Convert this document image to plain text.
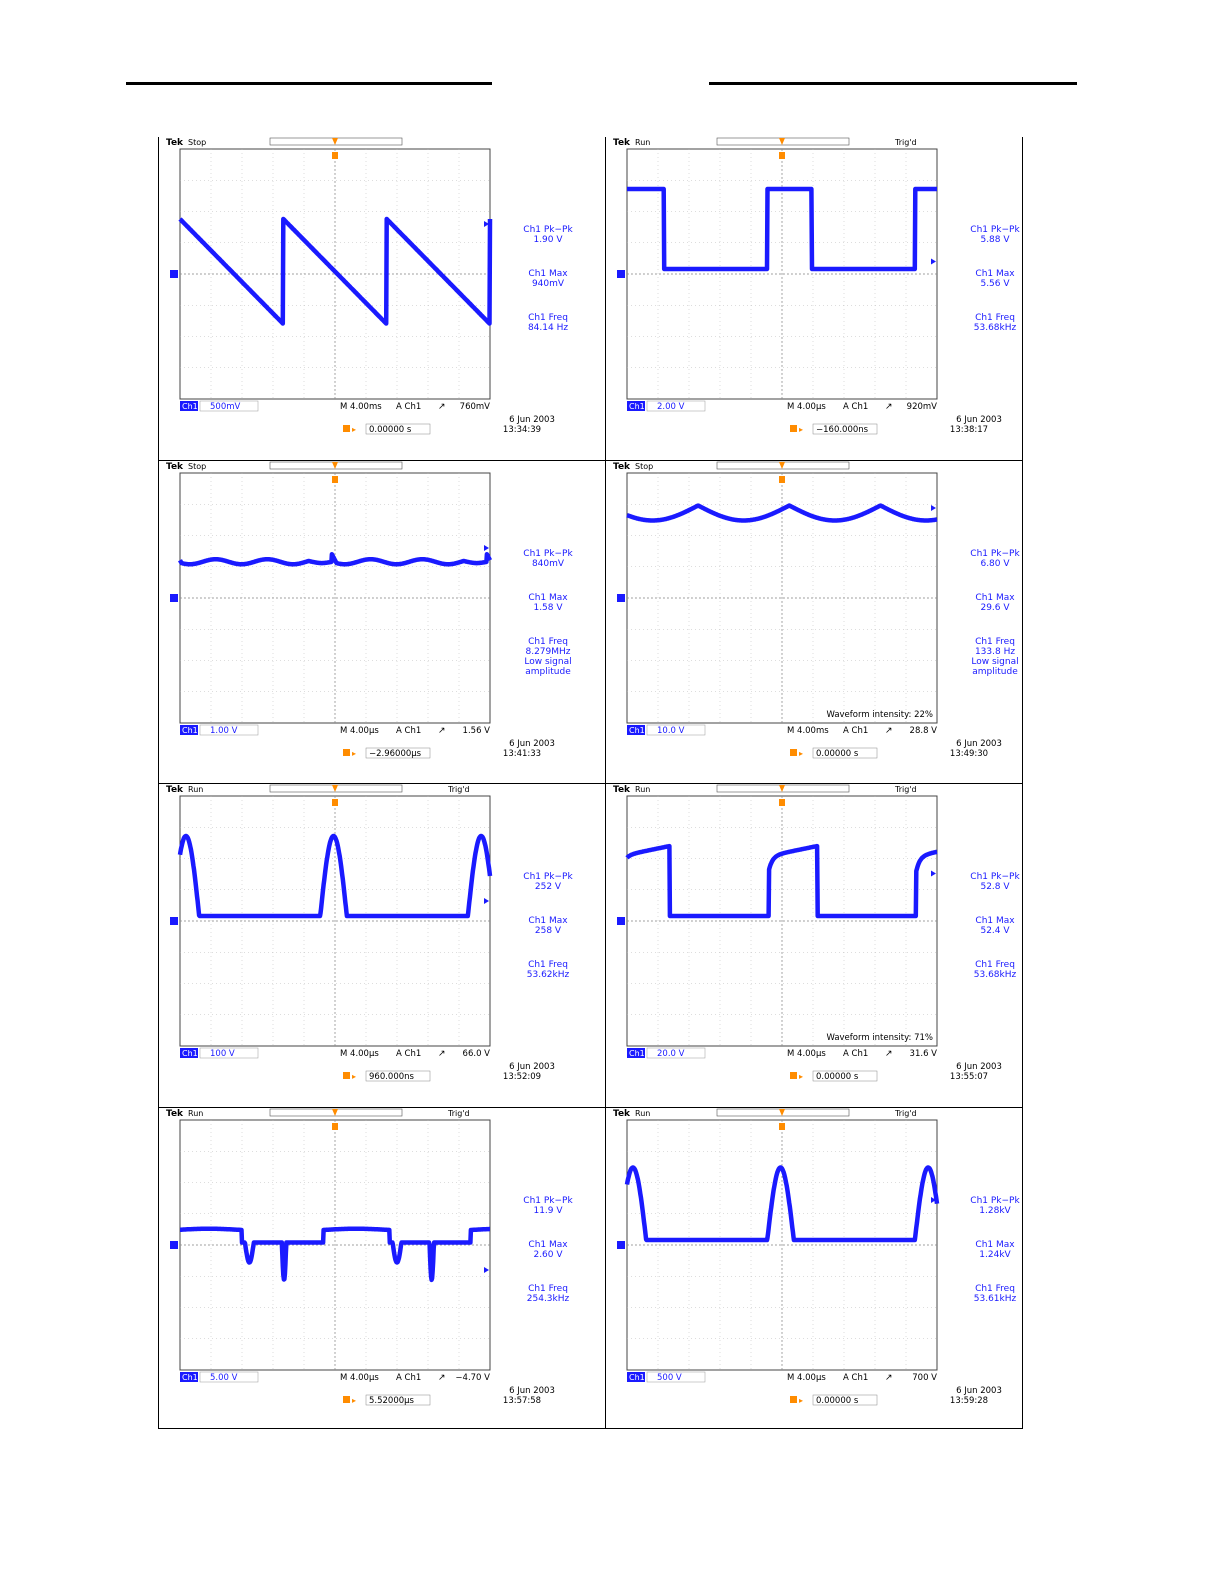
Tek Stop
Ch1 Pk−Pk
1.90 V
Ch1 Max
940mV
Ch1 Freq
84.14 Hz
Ch1 500mV	M 4.00ms A Ch1 ↗ 760mV
▸ 0.00000 s
6 Jun 2003
13:34:39
Tek Run	Trig'd
Ch1 Pk−Pk
5.88 V
Ch1 Max
5.56 V
Ch1 Freq
53.68kHz
Ch1 2.00 V	M 4.00µs A Ch1 ↗ 920mV
▸ −160.000ns
6 Jun 2003
13:38:17
Tek Stop
Ch1 Pk−Pk
840mV
Ch1 Max
1.58 V
Ch1 Freq
8.279MHz
Low signal
amplitude
Ch1 1.00 V	M 4.00µs A Ch1 ↗ 1.56 V
▸ −2.96000µs
6 Jun 2003
13:41:33
Tek Stop
Ch1 Pk−Pk
6.80 V
Ch1 Max
29.6 V
Ch1 Freq
133.8 Hz
Low signal
amplitude
Waveform intensity: 22%
Ch1 10.0 V	M 4.00ms A Ch1 ↗ 28.8 V
▸ 0.00000 s
6 Jun 2003
13:49:30
Tek Run	Trig'd
Ch1 Pk−Pk
252 V
Ch1 Max
258 V
Ch1 Freq
53.62kHz
Ch1 100 V	M 4.00µs A Ch1 ↗ 66.0 V
▸ 960.000ns
6 Jun 2003
13:52:09
Tek Run	Trig'd
Ch1 Pk−Pk
52.8 V
Ch1 Max
52.4 V
Ch1 Freq
53.68kHz
Waveform intensity: 71%
Ch1 20.0 V	M 4.00µs A Ch1 ↗ 31.6 V
▸ 0.00000 s
6 Jun 2003
13:55:07
Tek Run	Trig'd
Ch1 Pk−Pk
11.9 V
Ch1 Max
2.60 V
Ch1 Freq
254.3kHz
Ch1 5.00 V	M 4.00µs A Ch1 ↗ −4.70 V
▸ 5.52000µs
6 Jun 2003
13:57:58
Tek Run	Trig'd
Ch1 Pk−Pk
1.28kV
Ch1 Max
1.24kV
Ch1 Freq
53.61kHz
Ch1 500 V	M 4.00µs A Ch1 ↗ 700 V
▸ 0.00000 s
6 Jun 2003
13:59:28
